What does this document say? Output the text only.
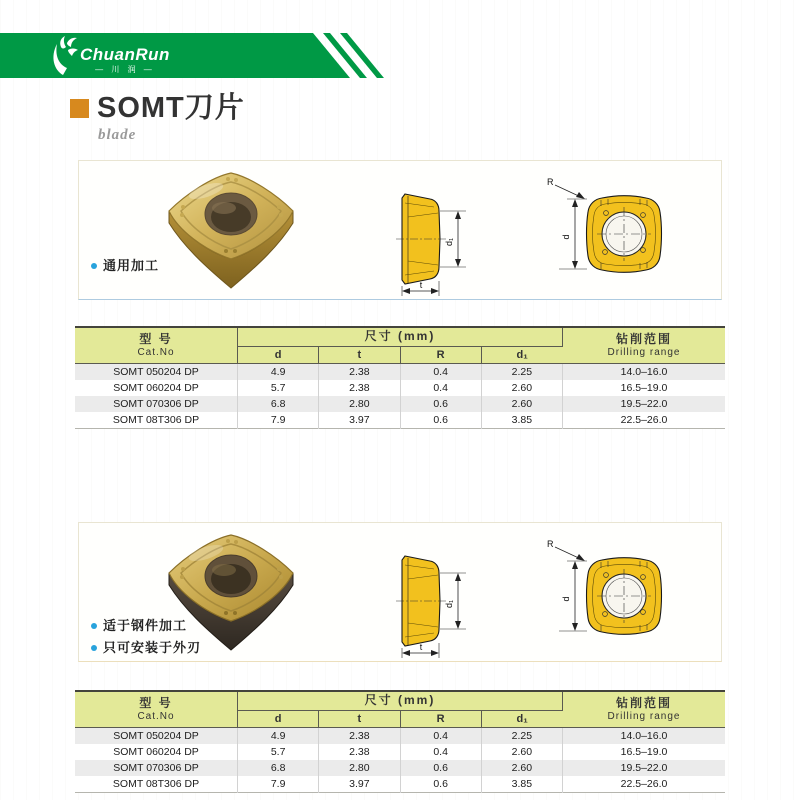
ChuanRun
— 川 润 —
SOMT刀片
blade
d₁
t
R
d
通用加工
型 号
Cat.No

尺寸 (mm)	钻削范围
Drilling range

	d	t	R	d₁	
SOMT 050204 DP	4.9	2.38	0.4	2.25	14.0–16.0
SOMT 060204 DP	5.7	2.38	0.4	2.60	16.5–19.0
SOMT 070306 DP	6.8	2.80	0.6	2.60	19.5–22.0
SOMT 08T306 DP	7.9	3.97	0.6	3.85	22.5–26.0
d₁
t
R
d
适于钢件加工
只可安装于外刃
型 号
Cat.No

尺寸 (mm)	钻削范围
Drilling range

	d	t	R	d₁	
SOMT 050204 DP	4.9	2.38	0.4	2.25	14.0–16.0
SOMT 060204 DP	5.7	2.38	0.4	2.60	16.5–19.0
SOMT 070306 DP	6.8	2.80	0.6	2.60	19.5–22.0
SOMT 08T306 DP	7.9	3.97	0.6	3.85	22.5–26.0
